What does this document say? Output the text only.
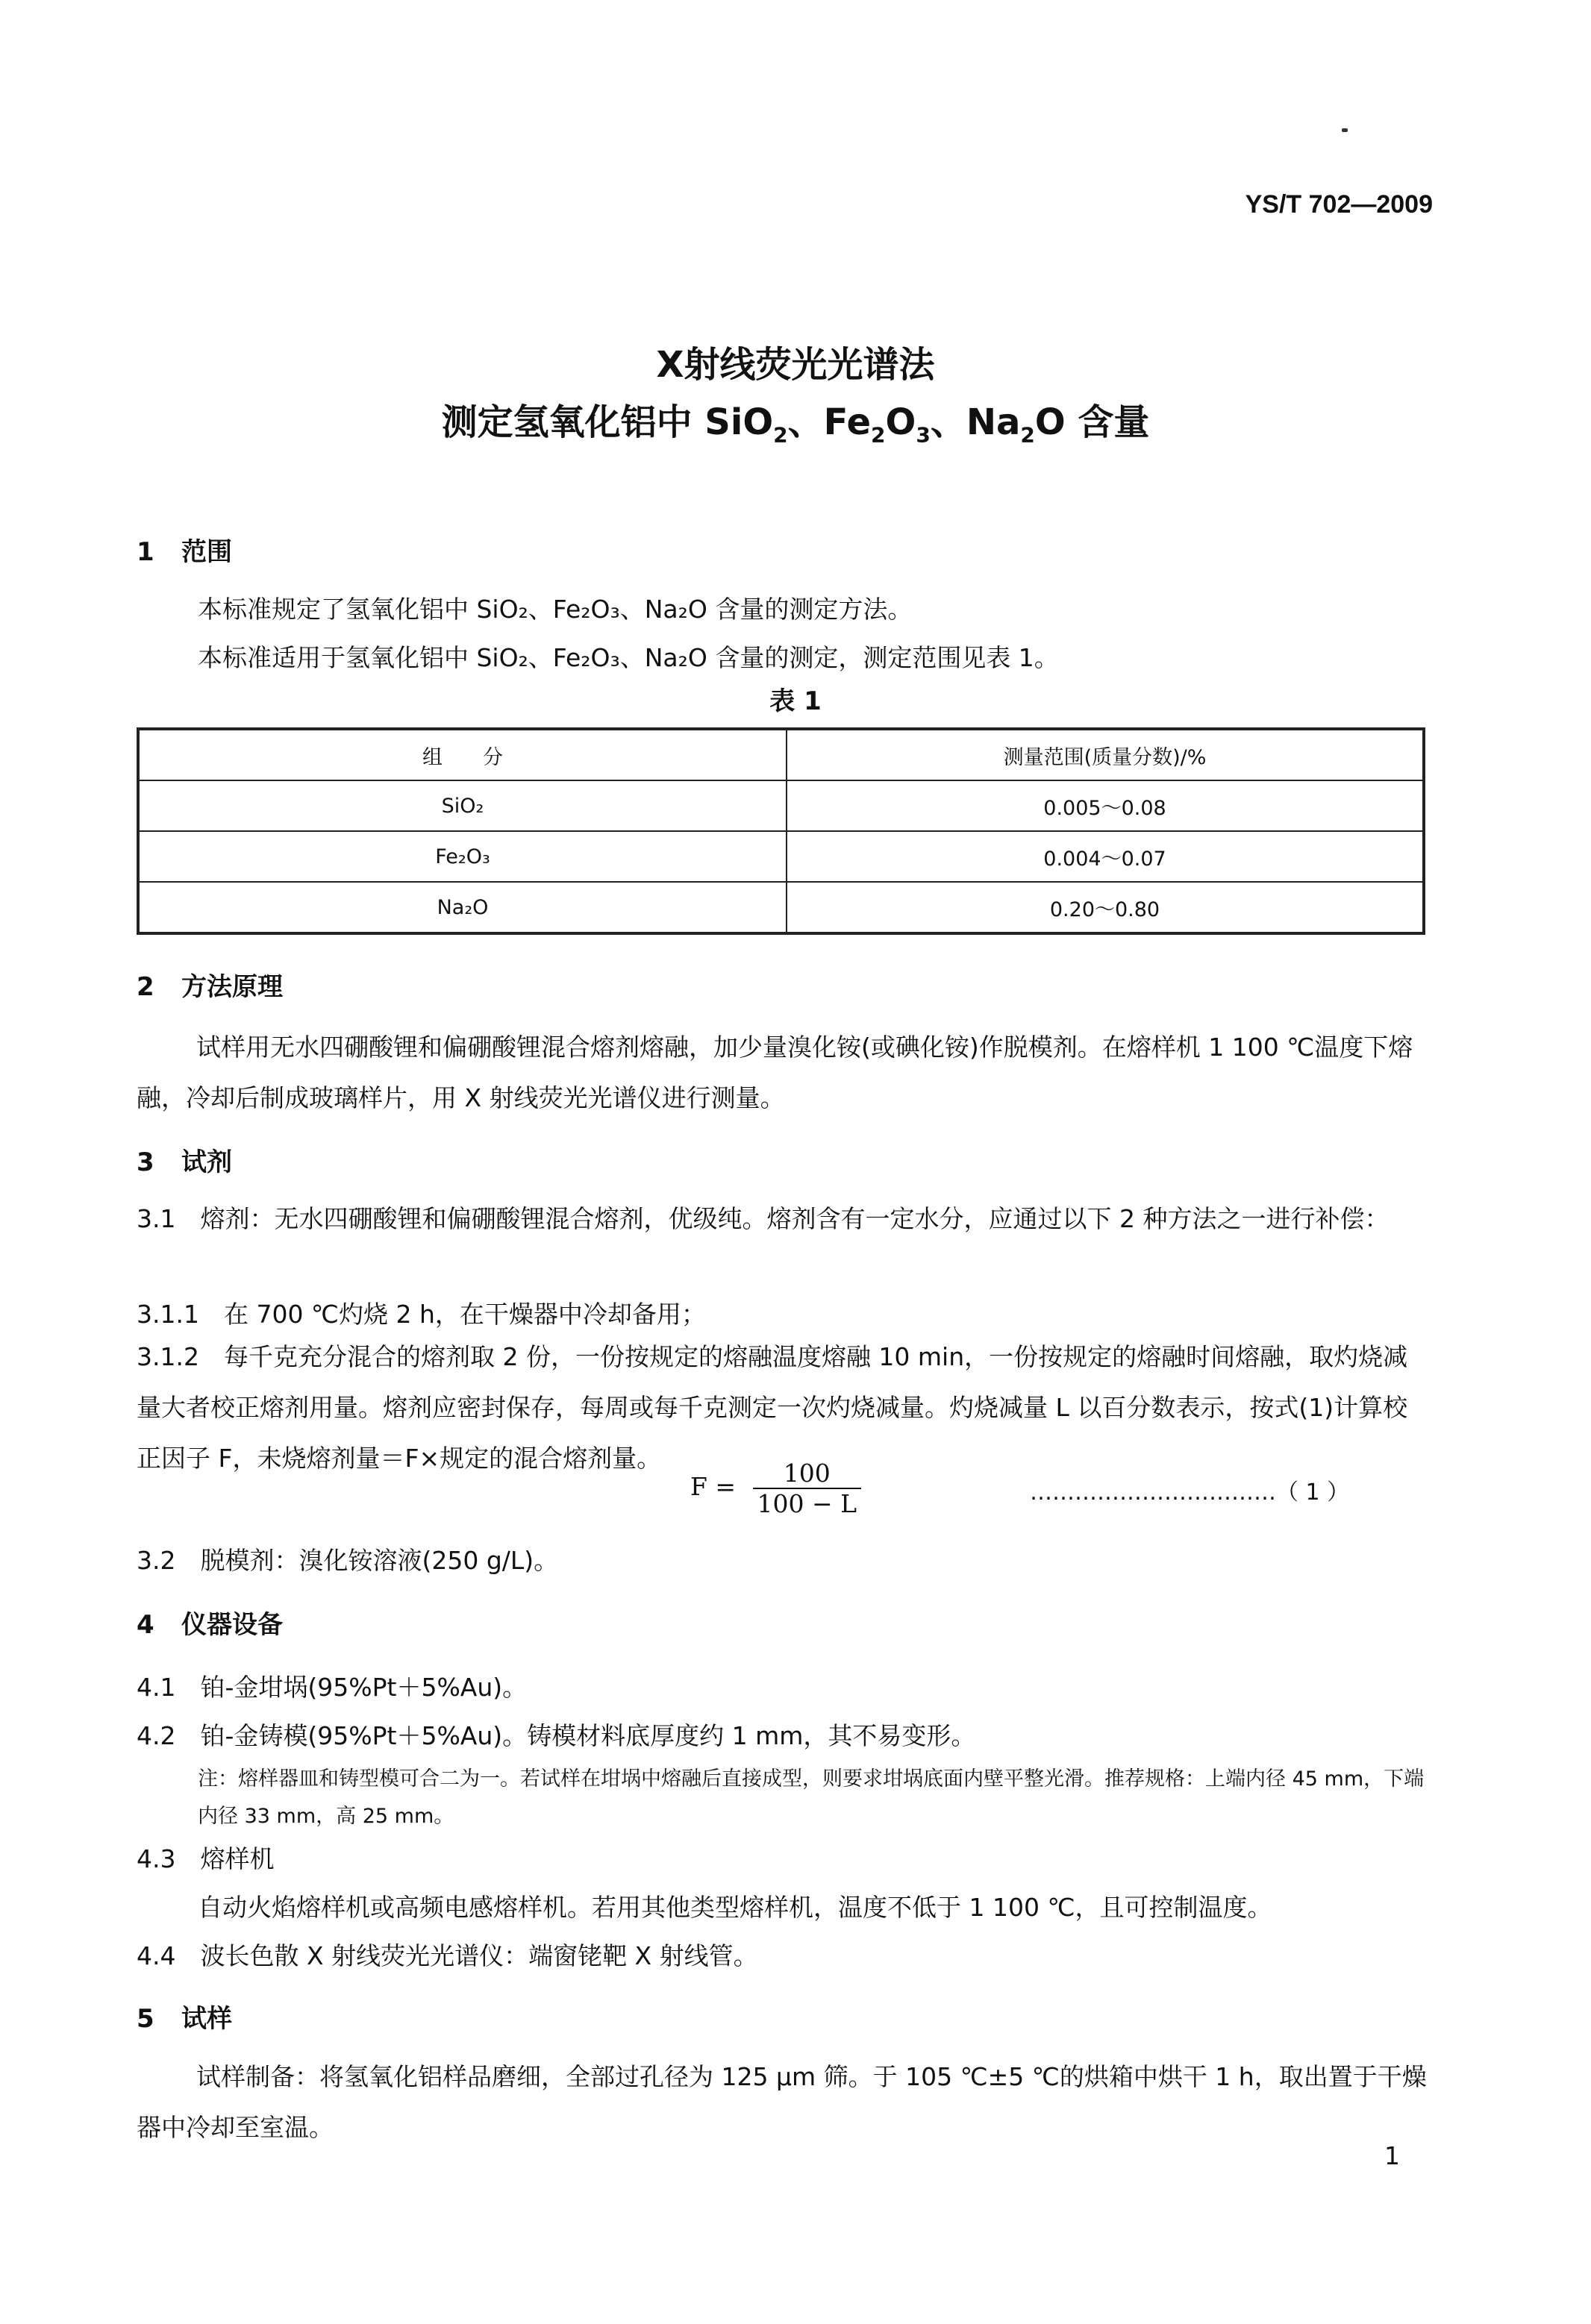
YS/T 702—2009
X射线荧光光谱法
测定氢氧化铝中 SiO$_2$、$Fe_2O_3$、$Na_2O$ 含量
1 范围
本标准规定了氢氧化铝中 SiO₂、Fe₂O₃、Na₂O 含量的测定方法。
本标准适用于氢氧化铝中 SiO₂、Fe₂O₃、Na₂O 含量的测定，测定范围见表 1。
表 1
组　　分	测量范围(质量分数)/%
SiO₂	0.005～0.08
Fe₂O₃	0.004～0.07
Na₂O	0.20～0.80
2 方法原理
试样用无水四硼酸锂和偏硼酸锂混合熔剂熔融，加少量溴化铵(或碘化铵)作脱模剂。在熔样机 1 100 ℃温度下熔融，冷却后制成玻璃样片，用 X 射线荧光光谱仪进行测量。
3 试剂
3.1　熔剂：无水四硼酸锂和偏硼酸锂混合熔剂，优级纯。熔剂含有一定水分，应通过以下 2 种方法之一进行补偿：
3.1.1　在 700 ℃灼烧 2 h，在干燥器中冷却备用；
3.1.2　每千克充分混合的熔剂取 2 份，一份按规定的熔融温度熔融 10 min，一份按规定的熔融时间熔融，取灼烧减量大者校正熔剂用量。熔剂应密封保存，每周或每千克测定一次灼烧减量。灼烧减量 L 以百分数表示，按式(1)计算校正因子 F，未烧熔剂量＝F×规定的混合熔剂量。
$F = \frac{100}{100 - L}$	……………………………（ 1 ）
3.2　脱模剂：溴化铵溶液(250 g/L)。
4 仪器设备
4.1　铂-金坩埚(95%Pt＋5%Au)。
4.2　铂-金铸模(95%Pt＋5%Au)。铸模材料底厚度约 1 mm，其不易变形。
注：熔样器皿和铸型模可合二为一。若试样在坩埚中熔融后直接成型，则要求坩埚底面内壁平整光滑。推荐规格：上端内径 45 mm，下端内径 33 mm，高 25 mm。
4.3　熔样机
自动火焰熔样机或高频电感熔样机。若用其他类型熔样机，温度不低于 1 100 ℃，且可控制温度。
4.4　波长色散 X 射线荧光光谱仪：端窗铑靶 X 射线管。
5 试样
试样制备：将氢氧化铝样品磨细，全部过孔径为 125 μm 筛。于 105 ℃±5 ℃的烘箱中烘干 1 h，取出置于干燥器中冷却至室温。
1
